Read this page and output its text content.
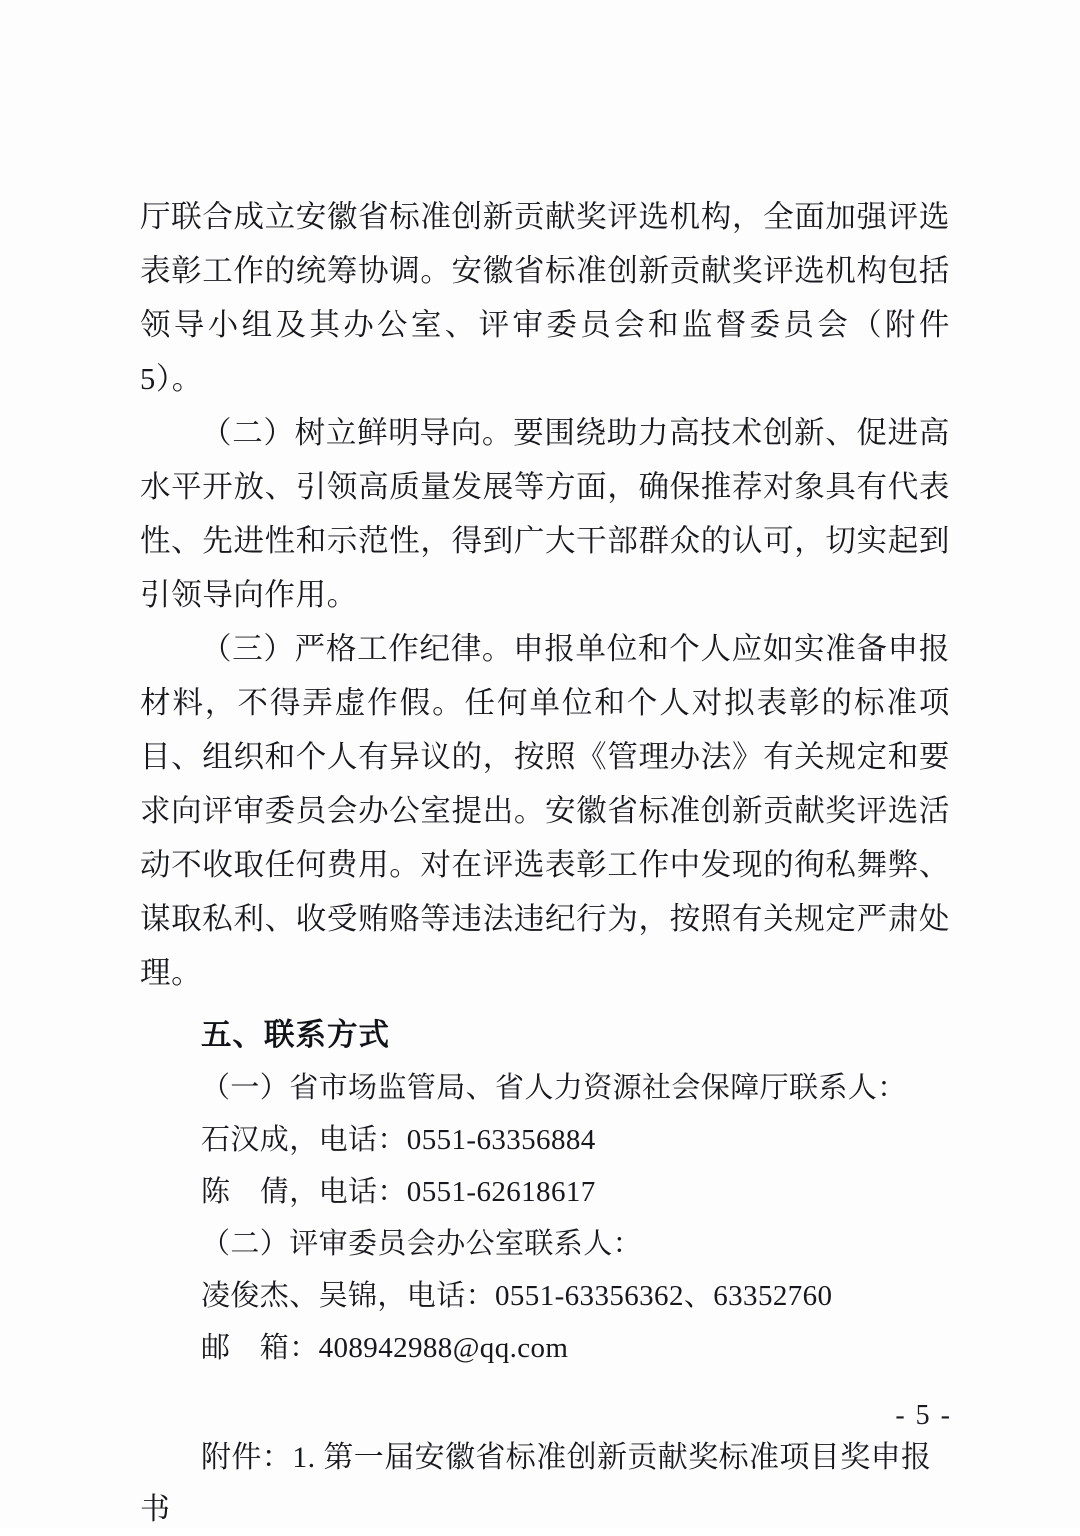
厅联合成立安徽省标准创新贡献奖评选机构，全面加强评选表彰工作的统筹协调。安徽省标准创新贡献奖评选机构包括领导小组及其办公室、评审委员会和监督委员会（附件 5）。

（二）树立鲜明导向。要围绕助力高技术创新、促进高水平开放、引领高质量发展等方面，确保推荐对象具有代表性、先进性和示范性，得到广大干部群众的认可，切实起到引领导向作用。

（三）严格工作纪律。申报单位和个人应如实准备申报材料，不得弄虚作假。任何单位和个人对拟表彰的标准项目、组织和个人有异议的，按照《管理办法》有关规定和要求向评审委员会办公室提出。安徽省标准创新贡献奖评选活动不收取任何费用。对在评选表彰工作中发现的徇私舞弊、谋取私利、收受贿赂等违法违纪行为，按照有关规定严肃处理。

五、联系方式
（一）省市场监管局、省人力资源社会保障厅联系人：
石汉成，电话：0551-63356884
陈　倩，电话：0551-62618617
（二）评审委员会办公室联系人：
凌俊杰、吴锦，电话：0551-63356362、63352760
邮　箱：408942988@qq.com
附件：1. 第一届安徽省标准创新贡献奖标准项目奖申报书
- 5 -
